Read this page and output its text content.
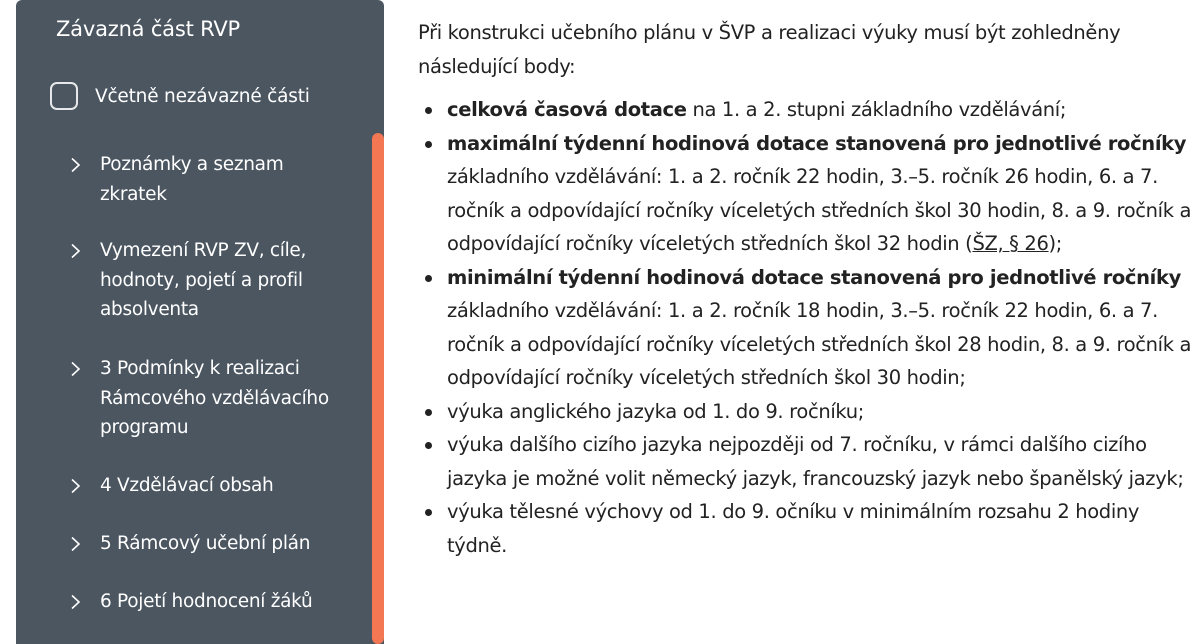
Závazná část RVP
Včetně nezávazné části
Poznámky a seznam zkratek
Vymezení RVP ZV, cíle, hodnoty, pojetí a profil absolventa
3 Podmínky k realizaci Rámcového vzdělávacího programu
4 Vzdělávací obsah
5 Rámcový učební plán
6 Pojetí hodnocení žáků

Při konstrukci učebního plánu v ŠVP a realizaci výuky musí být zohledněny následující body:

celková časová dotace na 1. a 2. stupni základního vzdělávání;
maximální týdenní hodinová dotace stanovená pro jednotlivé ročníky základního vzdělávání: 1. a 2. ročník 22 hodin, 3.–5. ročník 26 hodin, 6. a 7. ročník a odpovídající ročníky víceletých středních škol 30 hodin, 8. a 9. ročník a odpovídající ročníky víceletých středních škol 32 hodin (ŠZ, § 26);
minimální týdenní hodinová dotace stanovená pro jednotlivé ročníky základního vzdělávání: 1. a 2. ročník 18 hodin, 3.–5. ročník 22 hodin, 6. a 7. ročník a odpovídající ročníky víceletých středních škol 28 hodin, 8. a 9. ročník a odpovídající ročníky víceletých středních škol 30 hodin;
výuka anglického jazyka od 1. do 9. ročníku;
výuka dalšího cizího jazyka nejpozději od 7. ročníku, v rámci dalšího cizího jazyka je možné volit německý jazyk, francouzský jazyk nebo španělský jazyk;
výuka tělesné výchovy od 1. do 9. očníku v minimálním rozsahu 2 hodiny týdně.
